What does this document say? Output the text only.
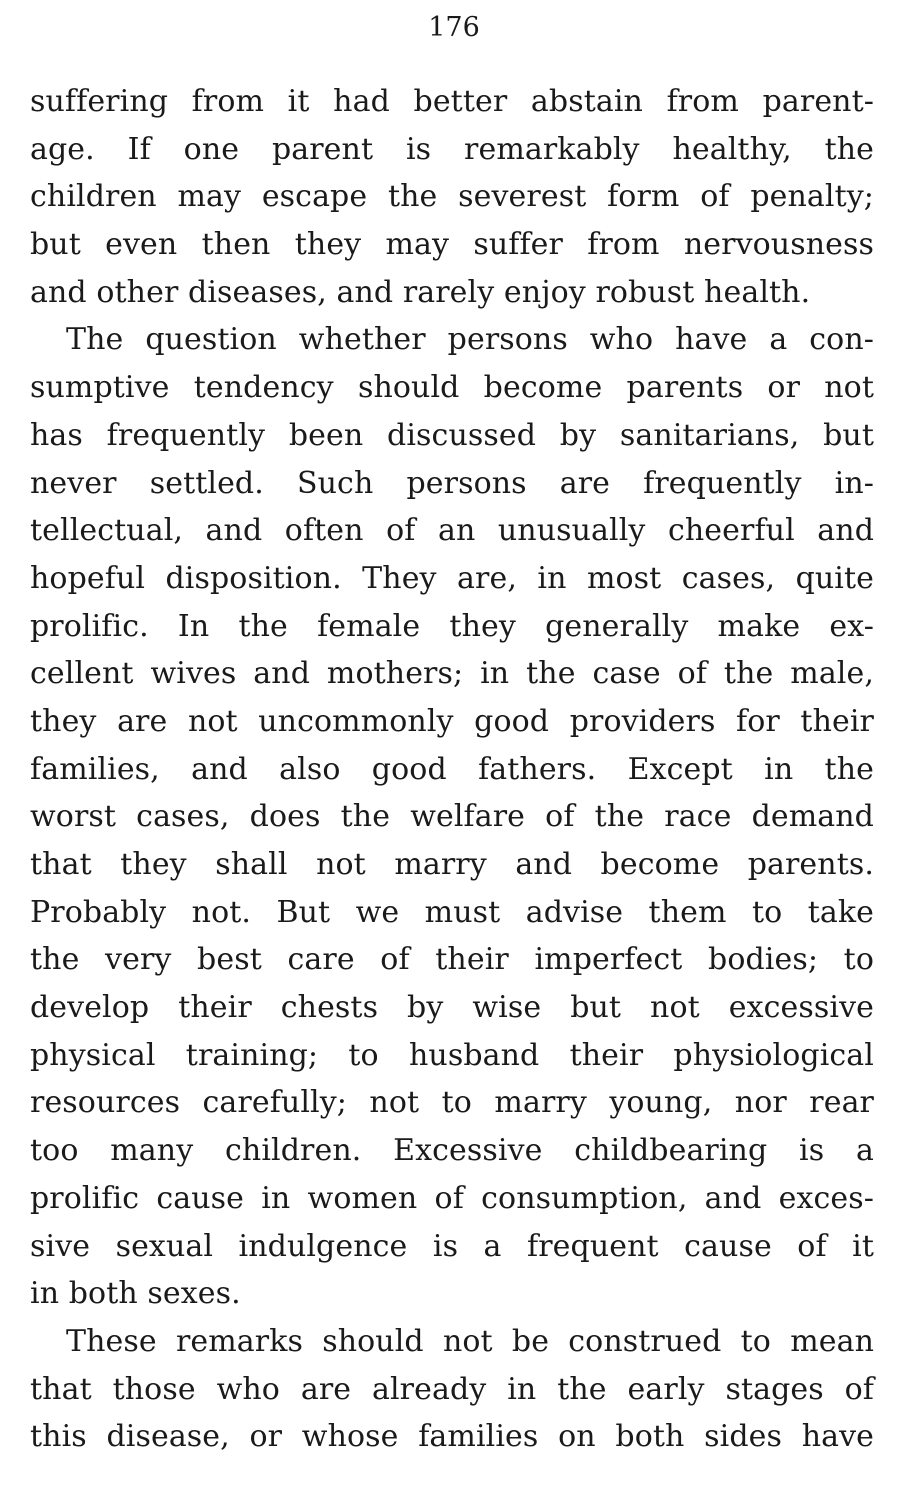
176
suffering from it had better abstain from parent-
age. If one parent is remarkably healthy, the
children may escape the severest form of penalty;
but even then they may suffer from nervousness
and other diseases, and rarely enjoy robust health.
The question whether persons who have a con-
sumptive tendency should become parents or not
has frequently been discussed by sanitarians, but
never settled. Such persons are frequently in-
tellectual, and often of an unusually cheerful and
hopeful disposition. They are, in most cases, quite
prolific. In the female they generally make ex-
cellent wives and mothers; in the case of the male,
they are not uncommonly good providers for their
families, and also good fathers. Except in the
worst cases, does the welfare of the race demand
that they shall not marry and become parents.
Probably not. But we must advise them to take
the very best care of their imperfect bodies; to
develop their chests by wise but not excessive
physical training; to husband their physiological
resources carefully; not to marry young, nor rear
too many children. Excessive childbearing is a
prolific cause in women of consumption, and exces-
sive sexual indulgence is a frequent cause of it
in both sexes.
These remarks should not be construed to mean
that those who are already in the early stages of
this disease, or whose families on both sides have
